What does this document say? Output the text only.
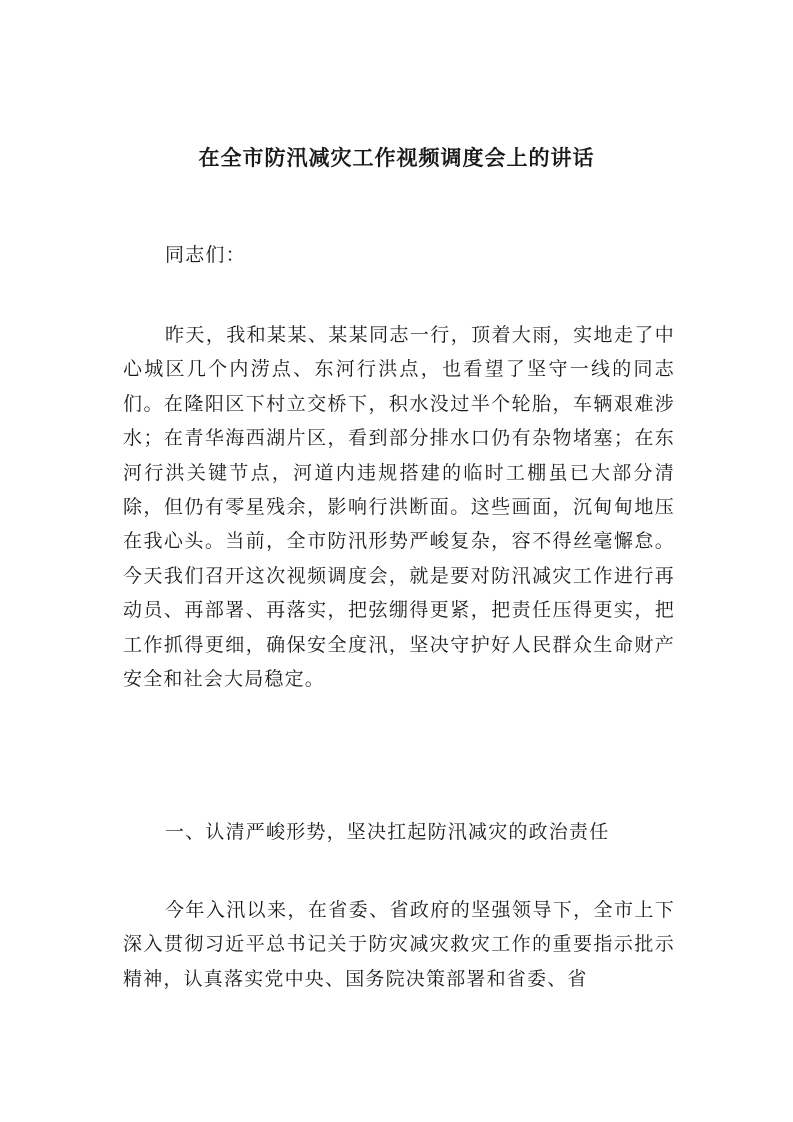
在全市防汛减灾工作视频调度会上的讲话

同志们：

昨天，我和某某、某某同志一行，顶着大雨，实地走了中心城区几个内涝点、东河行洪点，也看望了坚守一线的同志们。在隆阳区下村立交桥下，积水没过半个轮胎，车辆艰难涉水；在青华海西湖片区，看到部分排水口仍有杂物堵塞；在东河行洪关键节点，河道内违规搭建的临时工棚虽已大部分清除，但仍有零星残余，影响行洪断面。这些画面，沉甸甸地压在我心头。当前，全市防汛形势严峻复杂，容不得丝毫懈怠。今天我们召开这次视频调度会，就是要对防汛减灾工作进行再动员、再部署、再落实，把弦绷得更紧，把责任压得更实，把工作抓得更细，确保安全度汛，坚决守护好人民群众生命财产安全和社会大局稳定。

一、认清严峻形势，坚决扛起防汛减灾的政治责任

今年入汛以来，在省委、省政府的坚强领导下，全市上下深入贯彻习近平总书记关于防灾减灾救灾工作的重要指示批示精神，认真落实党中央、国务院决策部署和省委、省
